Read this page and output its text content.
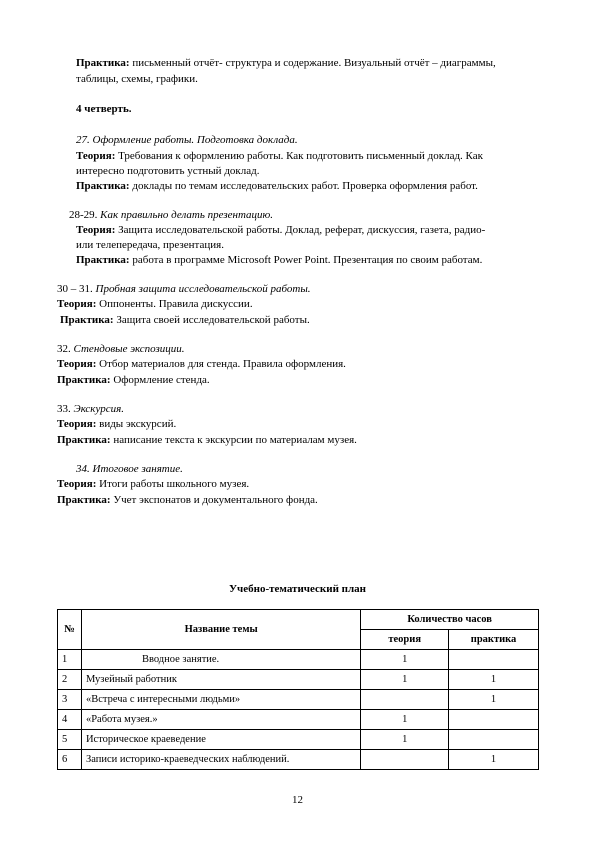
Практика: письменный отчёт- структура и содержание. Визуальный отчёт – диаграммы,
таблицы, схемы, графики.
4 четверть.
27. Оформление работы. Подготовка доклада.
Теория: Требования к оформлению работы. Как подготовить письменный доклад. Как
интересно подготовить устный доклад.
Практика: доклады по темам исследовательских работ. Проверка оформления работ.
28-29. Как правильно делать презентацию.
Теория: Защита исследовательской работы. Доклад, реферат, дискуссия, газета, радио-
или телепередача, презентация.
Практика: работа в программе Microsoft Power Point. Презентация по своим работам.
30 – 31. Пробная защита исследовательской работы.
Теория: Оппоненты. Правила дискуссии.
Практика: Защита своей исследовательской работы.
32. Стендовые экспозиции.
Теория: Отбор материалов для стенда. Правила оформления.
Практика: Оформление стенда.
33. Экскурсия.
Теория: виды экскурсий.
Практика: написание текста к экскурсии по материалам музея.
34. Итоговое занятие.
Теория: Итоги работы школьного музея.
Практика: Учет экспонатов и документального фонда.
Учебно-тематический план
№	Название темы	Количество часов	
		теория	практика
1	Вводное занятие.	1	
2	Музейный работник	1	1
3	«Встреча с интересными людьми»		1
4	«Работа музея.»	1	
5	Историческое краеведение	1	
6	Записи историко-краеведческих наблюдений.		1
12
